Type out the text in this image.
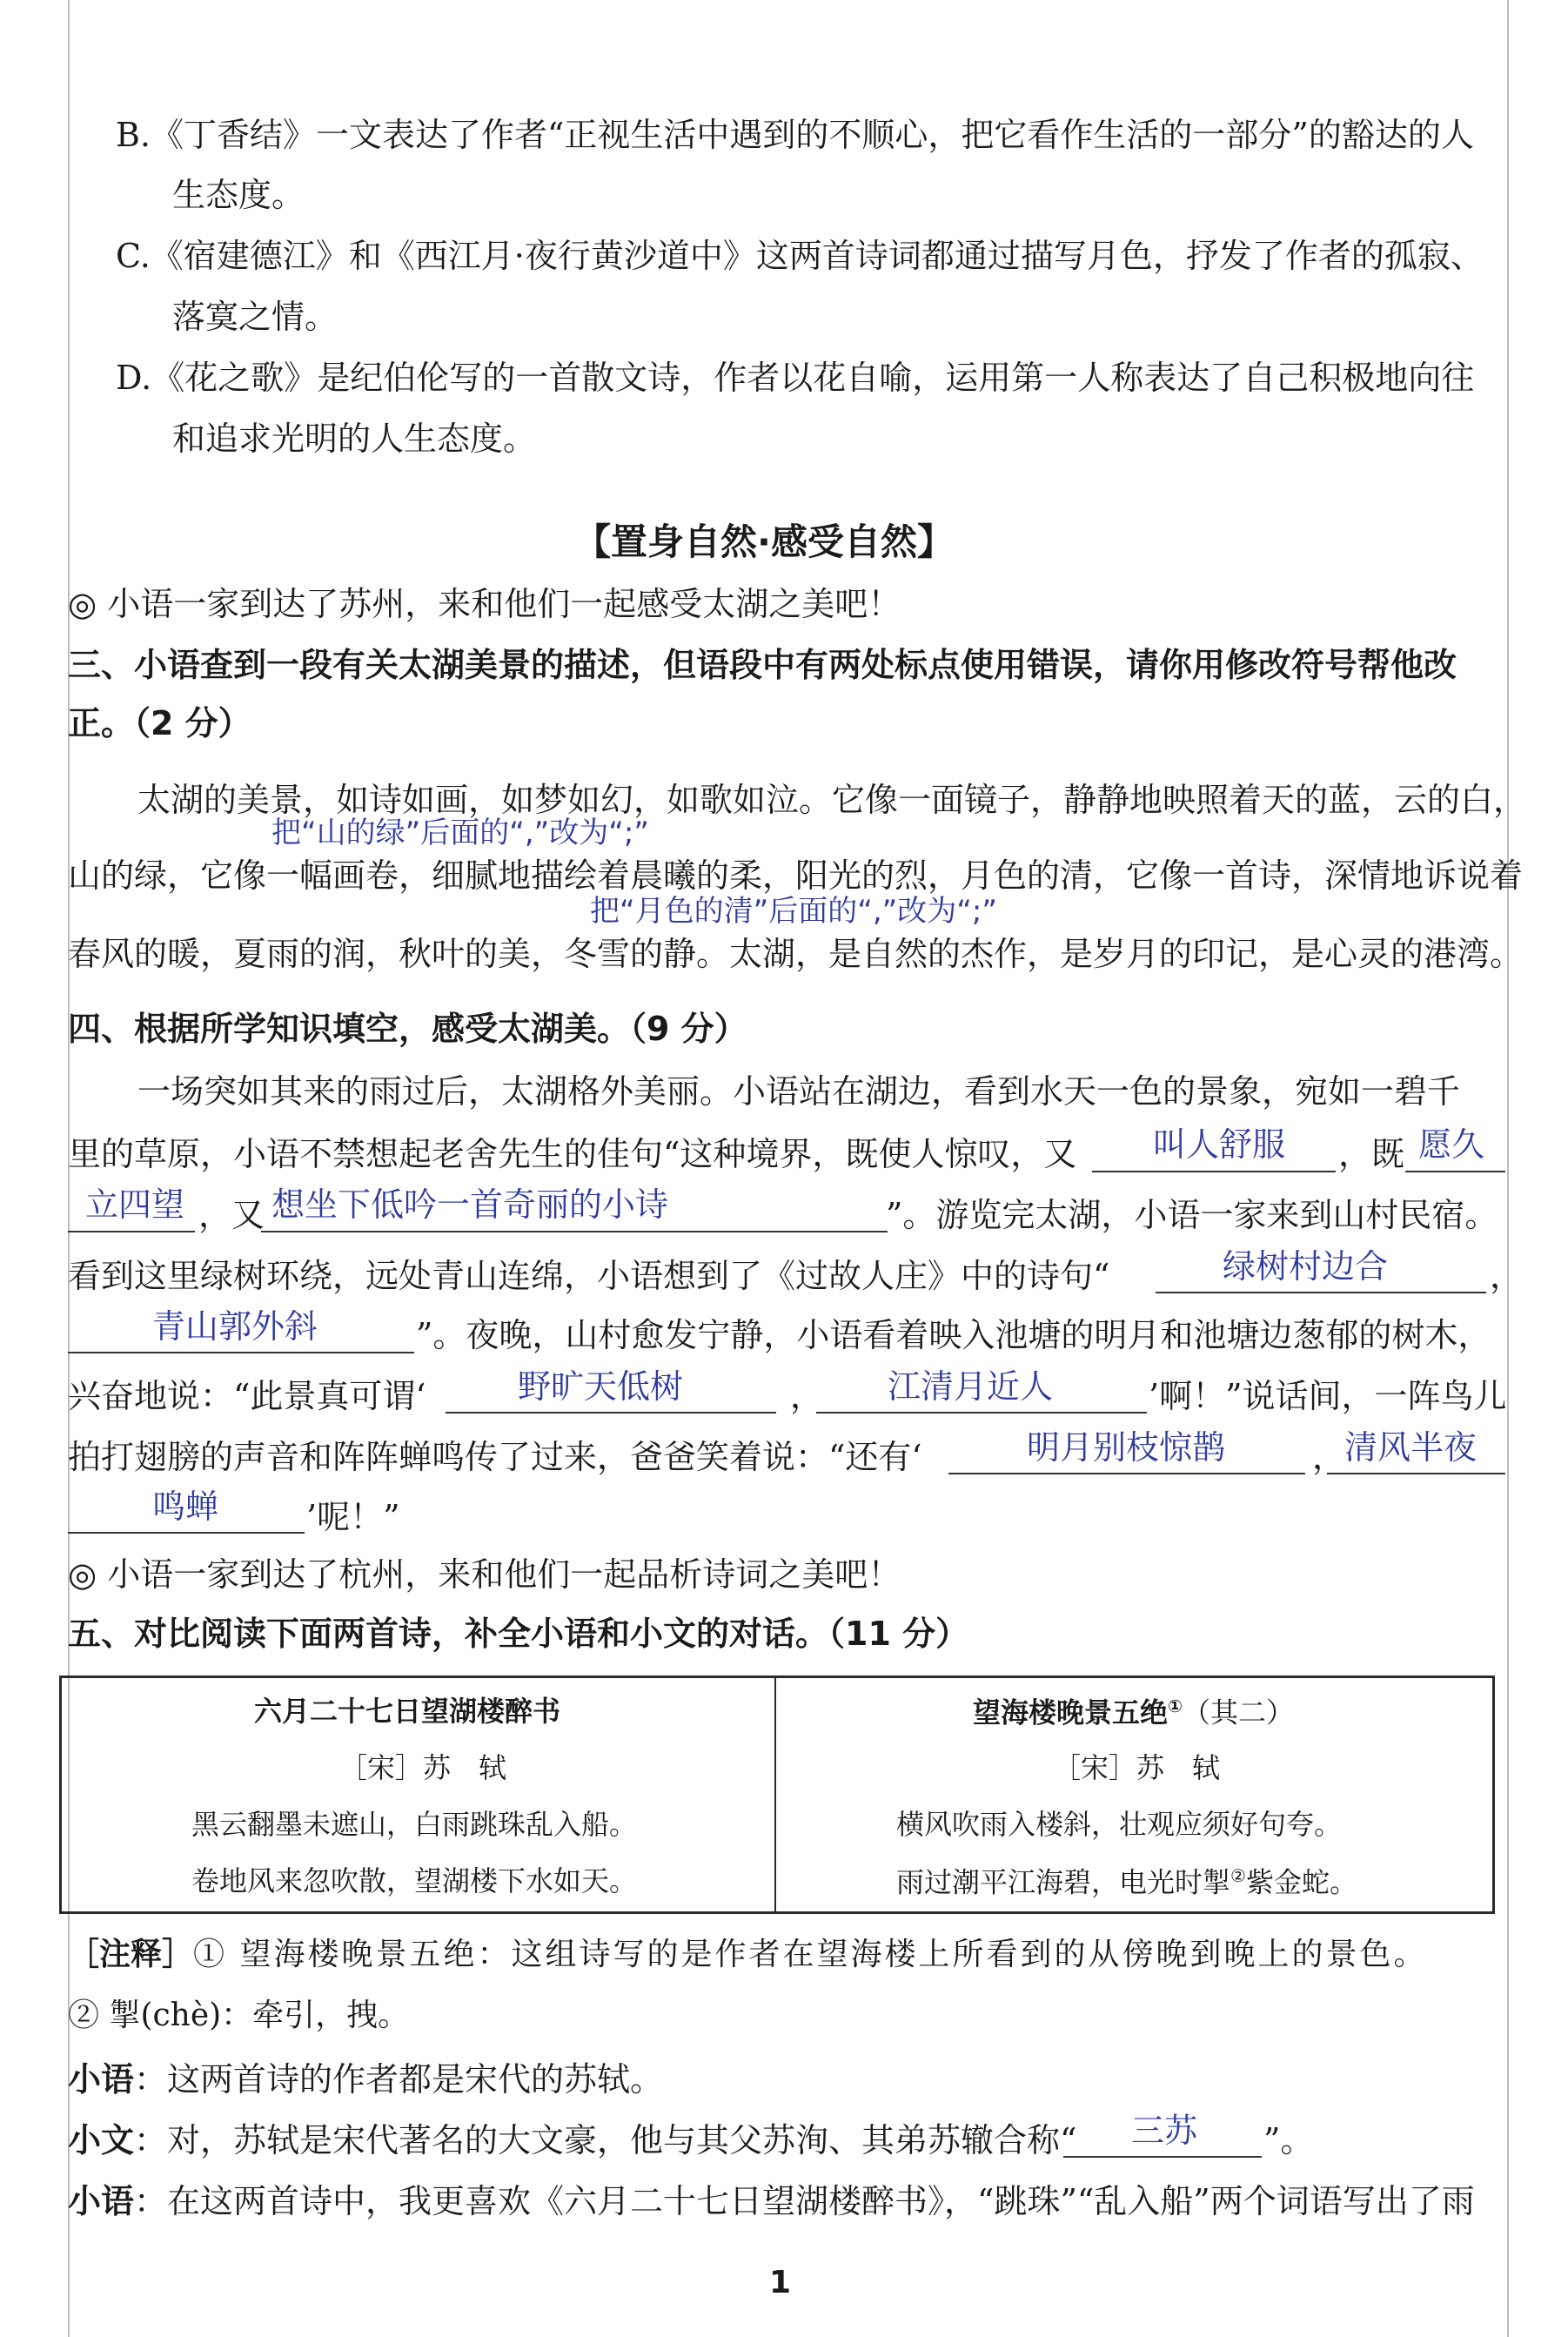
B.《丁香结》一文表达了作者“正视生活中遇到的不顺心，把它看作生活的一部分”的豁达的人
生态度。
C.《宿建德江》和《西江月·夜行黄沙道中》这两首诗词都通过描写月色，抒发了作者的孤寂、
落寞之情。
D.《花之歌》是纪伯伦写的一首散文诗，作者以花自喻，运用第一人称表达了自己积极地向往
和追求光明的人生态度。
【置身自然·感受自然】
◎ 小语一家到达了苏州，来和他们一起感受太湖之美吧！
三、小语查到一段有关太湖美景的描述，但语段中有两处标点使用错误，请你用修改符号帮他改
正。（2 分）
太湖的美景，如诗如画，如梦如幻，如歌如泣。它像一面镜子，静静地映照着天的蓝，云的白，
把“山的绿”后面的“,”改为“;”
山的绿，它像一幅画卷，细腻地描绘着晨曦的柔，阳光的烈，月色的清，它像一首诗，深情地诉说着
把“月色的清”后面的“,”改为“;”
春风的暖，夏雨的润，秋叶的美，冬雪的静。太湖，是自然的杰作，是岁月的印记，是心灵的港湾。
四、根据所学知识填空，感受太湖美。（9 分）
一场突如其来的雨过后，太湖格外美丽。小语站在湖边，看到水天一色的景象，宛如一碧千
里的草原，小语不禁想起老舍先生的佳句“这种境界，既使人惊叹，又 叫人舒服 ，既 愿久
立四望 ，又 想坐下低吟一首奇丽的小诗	”。游览完太湖，小语一家来到山村民宿。
看到这里绿树环绕，远处青山连绵，小语想到了《过故人庄》中的诗句“	绿树村边合	，
青山郭外斜	”。夜晚，山村愈发宁静，小语看着映入池塘的明月和池塘边葱郁的树木，
兴奋地说：“此景真可谓‘	野旷天低树	， 江清月近人	’啊！”说话间，一阵鸟儿
拍打翅膀的声音和阵阵蝉鸣传了过来，爸爸笑着说：“还有‘	明月别枝惊鹊	，
清风半夜
鸣蝉	’呢！”
◎ 小语一家到达了杭州，来和他们一起品析诗词之美吧！
五、对比阅读下面两首诗，补全小语和小文的对话。（11 分）
六月二十七日望湖楼醉书
［宋］苏　轼
黑云翻墨未遮山，白雨跳珠乱入船。
卷地风来忽吹散，望湖楼下水如天。
望海楼晚景五绝①（其二）
［宋］苏　轼
横风吹雨入楼斜，壮观应须好句夸。
雨过潮平江海碧，电光时掣②紫金蛇。
［注释］① 望海楼晚景五绝：这组诗写的是作者在望海楼上所看到的从傍晚到晚上的景色。
② 掣(chè)：牵引，拽。
小语：这两首诗的作者都是宋代的苏轼。
小文：对，苏轼是宋代著名的大文豪，他与其父苏洵、其弟苏辙合称“ 三苏 ”。
小语：在这两首诗中，我更喜欢《六月二十七日望湖楼醉书》，“跳珠”“乱入船”两个词语写出了雨
1
